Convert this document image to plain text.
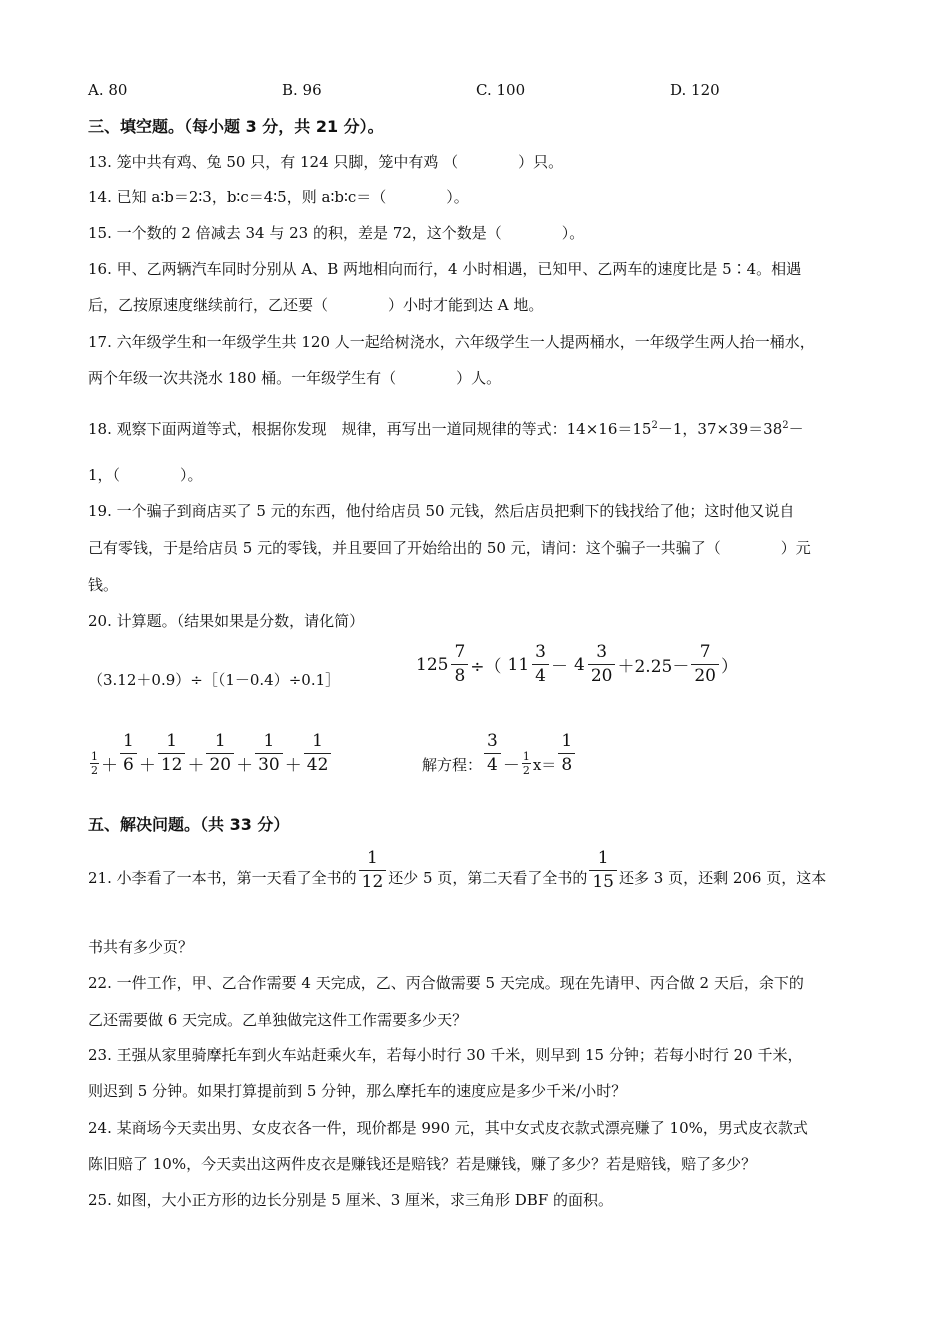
A. 80	B. 96	C. 100	D. 120
三、填空题。（每小题 3 分，共 21 分）。
13. 笼中共有鸡、兔 50 只，有 124 只脚，笼中有鸡 （　　　　）只。
14. 已知 a∶b＝2∶3，b∶c＝4∶5，则 a∶b∶c＝（　　　　）。
15. 一个数的 2 倍减去 34 与 23 的积，差是 72，这个数是（　　　　）。
16. 甲、乙两辆汽车同时分别从 A、B 两地相向而行，4 小时相遇，已知甲、乙两车的速度比是 5∶4。相遇
后，乙按原速度继续前行，乙还要（　　　　）小时才能到达 A 地。
17. 六年级学生和一年级学生共 120 人一起给树浇水，六年级学生一人提两桶水，一年级学生两人抬一桶水，
两个年级一次共浇水 180 桶。一年级学生有（　　　　）人。
18. 观察下面两道等式，根据你发现　规律，再写出一道同规律的等式：$14\times 16=15^2-1$，$37\times 39=38^2-$
1，（　　　　）。
19. 一个骗子到商店买了 5 元的东西，他付给店员 50 元钱，然后店员把剩下的钱找给了他；这时他又说自
己有零钱，于是给店员 5 元的零钱，并且要回了开始给出的 50 元，请问：这个骗子一共骗了（　　　　）元
钱。
20. 计算题。（结果如果是分数，请化简）
（3.12＋0.9）÷［（1－0.4）÷0.1］
$125 \frac{7}{8}$ ÷（ $11 \frac{3}{4} - 4 \frac{3}{20} +2.25- \frac{7}{20}$ ）
$\frac{1}{2} + \frac{1}{6} + \frac{1}{12} + \frac{1}{20} + \frac{1}{30} + \frac{1}{42}$	解方程： $\frac{3}{4} - \frac{1}{2} x= \frac{1}{8}$
五、解决问题。（共 33 分）
21. 小李看了一本书，第一天看了全书的 $\frac{1}{12}$ 还少 5 页，第二天看了全书的 $\frac{1}{15}$ 还多 3 页，还剩 206 页，这本
书共有多少页？
22. 一件工作，甲、乙合作需要 4 天完成，乙、丙合做需要 5 天完成。现在先请甲、丙合做 2 天后，余下的
乙还需要做 6 天完成。乙单独做完这件工作需要多少天？
23. 王强从家里骑摩托车到火车站赶乘火车，若每小时行 30 千米，则早到 15 分钟；若每小时行 20 千米，
则迟到 5 分钟。如果打算提前到 5 分钟，那么摩托车的速度应是多少千米/小时？
24. 某商场今天卖出男、女皮衣各一件，现价都是 990 元，其中女式皮衣款式漂亮赚了 10%，男式皮衣款式
陈旧赔了 10%，今天卖出这两件皮衣是赚钱还是赔钱？若是赚钱，赚了多少？若是赔钱，赔了多少？
25. 如图，大小正方形的边长分别是 5 厘米、3 厘米，求三角形 DBF 的面积。
